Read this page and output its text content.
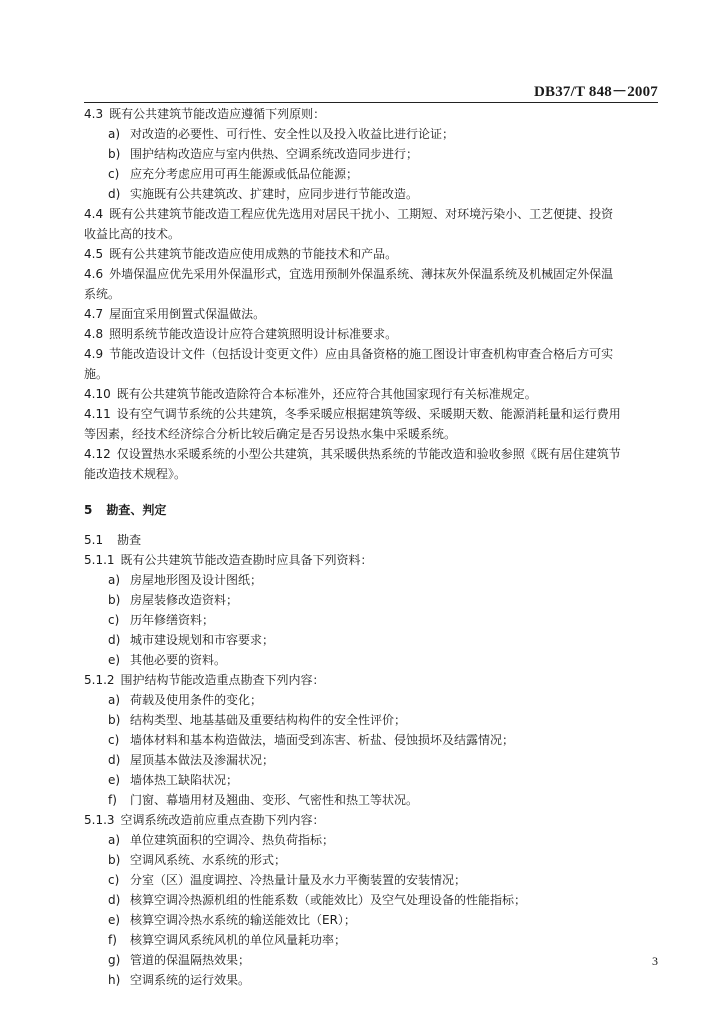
DB37/T 848－2007
4.3 既有公共建筑节能改造应遵循下列原则：
a) 对改造的必要性、可行性、安全性以及投入收益比进行论证；
b) 围护结构改造应与室内供热、空调系统改造同步进行；
c) 应充分考虑应用可再生能源或低品位能源；
d) 实施既有公共建筑改、扩建时，应同步进行节能改造。
4.4 既有公共建筑节能改造工程应优先选用对居民干扰小、工期短、对环境污染小、工艺便捷、投资
收益比高的技术。
4.5 既有公共建筑节能改造应使用成熟的节能技术和产品。
4.6 外墙保温应优先采用外保温形式，宜选用预制外保温系统、薄抹灰外保温系统及机械固定外保温
系统。
4.7 屋面宜采用倒置式保温做法。
4.8 照明系统节能改造设计应符合建筑照明设计标准要求。
4.9 节能改造设计文件（包括设计变更文件）应由具备资格的施工图设计审查机构审查合格后方可实
施。
4.10 既有公共建筑节能改造除符合本标准外，还应符合其他国家现行有关标准规定。
4.11 设有空气调节系统的公共建筑，冬季采暖应根据建筑等级、采暖期天数、能源消耗量和运行费用
等因素，经技术经济综合分析比较后确定是否另设热水集中采暖系统。
4.12 仅设置热水采暖系统的小型公共建筑，其采暖供热系统的节能改造和验收参照《既有居住建筑节
能改造技术规程》。
5 勘查、判定
5.1 勘查
5.1.1 既有公共建筑节能改造查勘时应具备下列资料：
a) 房屋地形图及设计图纸；
b) 房屋装修改造资料；
c) 历年修缮资料；
d) 城市建设规划和市容要求；
e) 其他必要的资料。
5.1.2 围护结构节能改造重点勘查下列内容：
a) 荷载及使用条件的变化；
b) 结构类型、地基基础及重要结构构件的安全性评价；
c) 墙体材料和基本构造做法，墙面受到冻害、析盐、侵蚀损坏及结露情况；
d) 屋顶基本做法及渗漏状况；
e) 墙体热工缺陷状况；
f) 门窗、幕墙用材及翘曲、变形、气密性和热工等状况。
5.1.3 空调系统改造前应重点查勘下列内容：
a) 单位建筑面积的空调冷、热负荷指标；
b) 空调风系统、水系统的形式；
c) 分室（区）温度调控、冷热量计量及水力平衡装置的安装情况；
d) 核算空调冷热源机组的性能系数（或能效比）及空气处理设备的性能指标；
e) 核算空调冷热水系统的输送能效比（ER）；
f) 核算空调风系统风机的单位风量耗功率；
g) 管道的保温隔热效果；
h) 空调系统的运行效果。
3
